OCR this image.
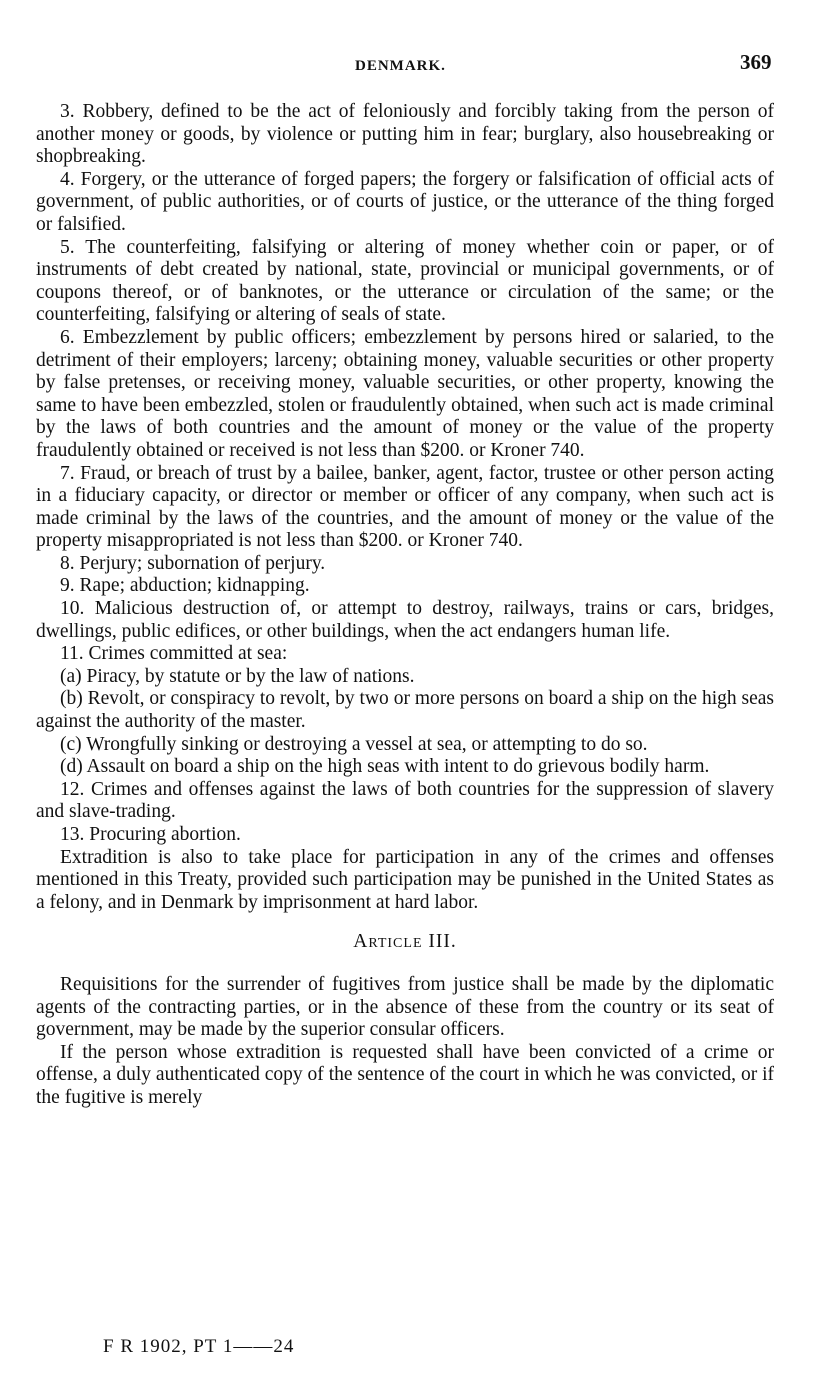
DENMARK.	369

3. Robbery, defined to be the act of feloniously and forcibly taking from the person of another money or goods, by violence or putting him in fear; burglary, also housebreaking or shopbreaking.

4. Forgery, or the utterance of forged papers; the forgery or falsification of official acts of government, of public authorities, or of courts of justice, or the utterance of the thing forged or falsified.

5. The counterfeiting, falsifying or altering of money whether coin or paper, or of instruments of debt created by national, state, provincial or municipal governments, or of coupons thereof, or of banknotes, or the utterance or circulation of the same; or the counterfeiting, falsifying or altering of seals of state.

6. Embezzlement by public officers; embezzlement by persons hired or salaried, to the detriment of their employers; larceny; obtaining money, valuable securities or other property by false pretenses, or receiving money, valuable securities, or other property, knowing the same to have been embezzled, stolen or fraudulently obtained, when such act is made criminal by the laws of both countries and the amount of money or the value of the property fraudulently obtained or received is not less than $200. or Kroner 740.

7. Fraud, or breach of trust by a bailee, banker, agent, factor, trustee or other person acting in a fiduciary capacity, or director or member or officer of any company, when such act is made criminal by the laws of the countries, and the amount of money or the value of the property misappropriated is not less than $200. or Kroner 740.

8. Perjury; subornation of perjury.

9. Rape; abduction; kidnapping.

10. Malicious destruction of, or attempt to destroy, railways, trains or cars, bridges, dwellings, public edifices, or other buildings, when the act endangers human life.

11. Crimes committed at sea:

(a) Piracy, by statute or by the law of nations.

(b) Revolt, or conspiracy to revolt, by two or more persons on board a ship on the high seas against the authority of the master.

(c) Wrongfully sinking or destroying a vessel at sea, or attempting to do so.

(d) Assault on board a ship on the high seas with intent to do grievous bodily harm.

12. Crimes and offenses against the laws of both countries for the suppression of slavery and slave-trading.

13. Procuring abortion.

Extradition is also to take place for participation in any of the crimes and offenses mentioned in this Treaty, provided such participation may be punished in the United States as a felony, and in Denmark by imprisonment at hard labor.

Article III.

Requisitions for the surrender of fugitives from justice shall be made by the diplomatic agents of the contracting parties, or in the absence of these from the country or its seat of government, may be made by the superior consular officers.

If the person whose extradition is requested shall have been convicted of a crime or offense, a duly authenticated copy of the sentence of the court in which he was convicted, or if the fugitive is merely

F R 1902, PT 1——24
